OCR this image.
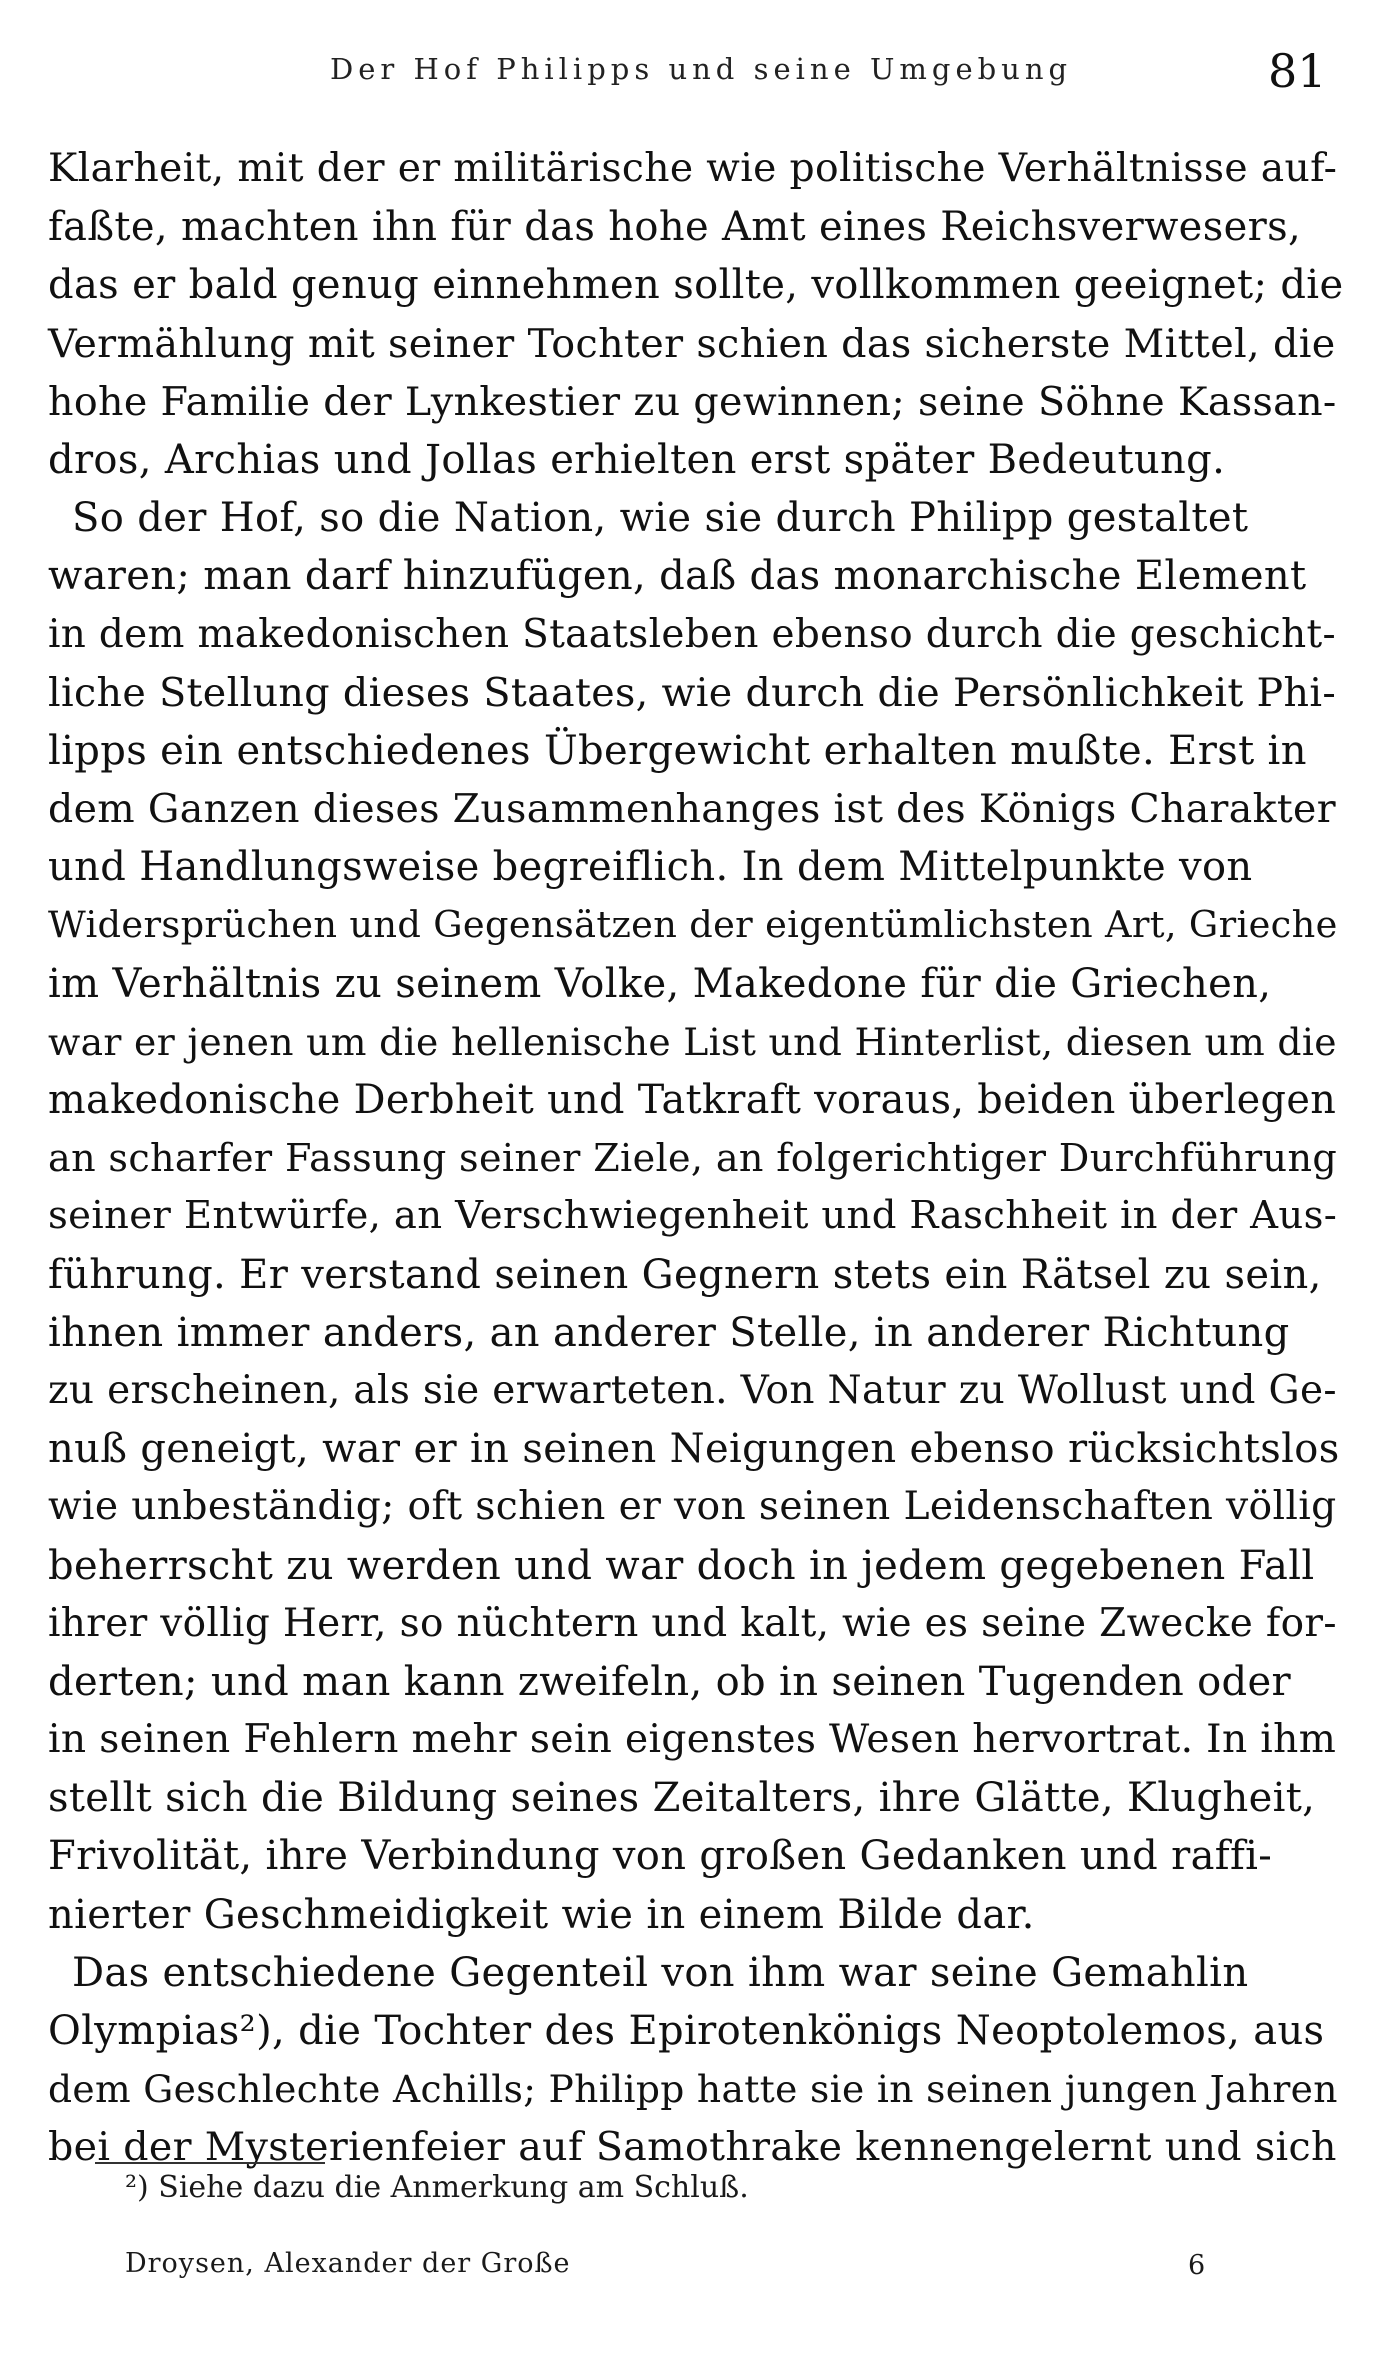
Der Hof Philipps und seine Umgebung	81
Klarheit, mit der er militärische wie politische Verhältnisse auf-
faßte, machten ihn für das hohe Amt eines Reichsverwesers,
das er bald genug einnehmen sollte, vollkommen geeignet; die
Vermählung mit seiner Tochter schien das sicherste Mittel, die
hohe Familie der Lynkestier zu gewinnen; seine Söhne Kassan-
dros, Archias und Jollas erhielten erst später Bedeutung.
So der Hof, so die Nation, wie sie durch Philipp gestaltet
waren; man darf hinzufügen, daß das monarchische Element
in dem makedonischen Staatsleben ebenso durch die geschicht-
liche Stellung dieses Staates, wie durch die Persönlichkeit Phi-
lipps ein entschiedenes Übergewicht erhalten mußte. Erst in
dem Ganzen dieses Zusammenhanges ist des Königs Charakter
und Handlungsweise begreiflich. In dem Mittelpunkte von
Widersprüchen und Gegensätzen der eigentümlichsten Art, Grieche
im Verhältnis zu seinem Volke, Makedone für die Griechen,
war er jenen um die hellenische List und Hinterlist, diesen um die
makedonische Derbheit und Tatkraft voraus, beiden überlegen
an scharfer Fassung seiner Ziele, an folgerichtiger Durchführung
seiner Entwürfe, an Verschwiegenheit und Raschheit in der Aus-
führung. Er verstand seinen Gegnern stets ein Rätsel zu sein,
ihnen immer anders, an anderer Stelle, in anderer Richtung
zu erscheinen, als sie erwarteten. Von Natur zu Wollust und Ge-
nuß geneigt, war er in seinen Neigungen ebenso rücksichtslos
wie unbeständig; oft schien er von seinen Leidenschaften völlig
beherrscht zu werden und war doch in jedem gegebenen Fall
ihrer völlig Herr, so nüchtern und kalt, wie es seine Zwecke for-
derten; und man kann zweifeln, ob in seinen Tugenden oder
in seinen Fehlern mehr sein eigenstes Wesen hervortrat. In ihm
stellt sich die Bildung seines Zeitalters, ihre Glätte, Klugheit,
Frivolität, ihre Verbindung von großen Gedanken und raffi-
nierter Geschmeidigkeit wie in einem Bilde dar.
Das entschiedene Gegenteil von ihm war seine Gemahlin
Olympias²), die Tochter des Epirotenkönigs Neoptolemos, aus
dem Geschlechte Achills; Philipp hatte sie in seinen jungen Jahren
bei der Mysterienfeier auf Samothrake kennengelernt und sich
²) Siehe dazu die Anmerkung am Schluß.
Droysen, Alexander der Große	6
